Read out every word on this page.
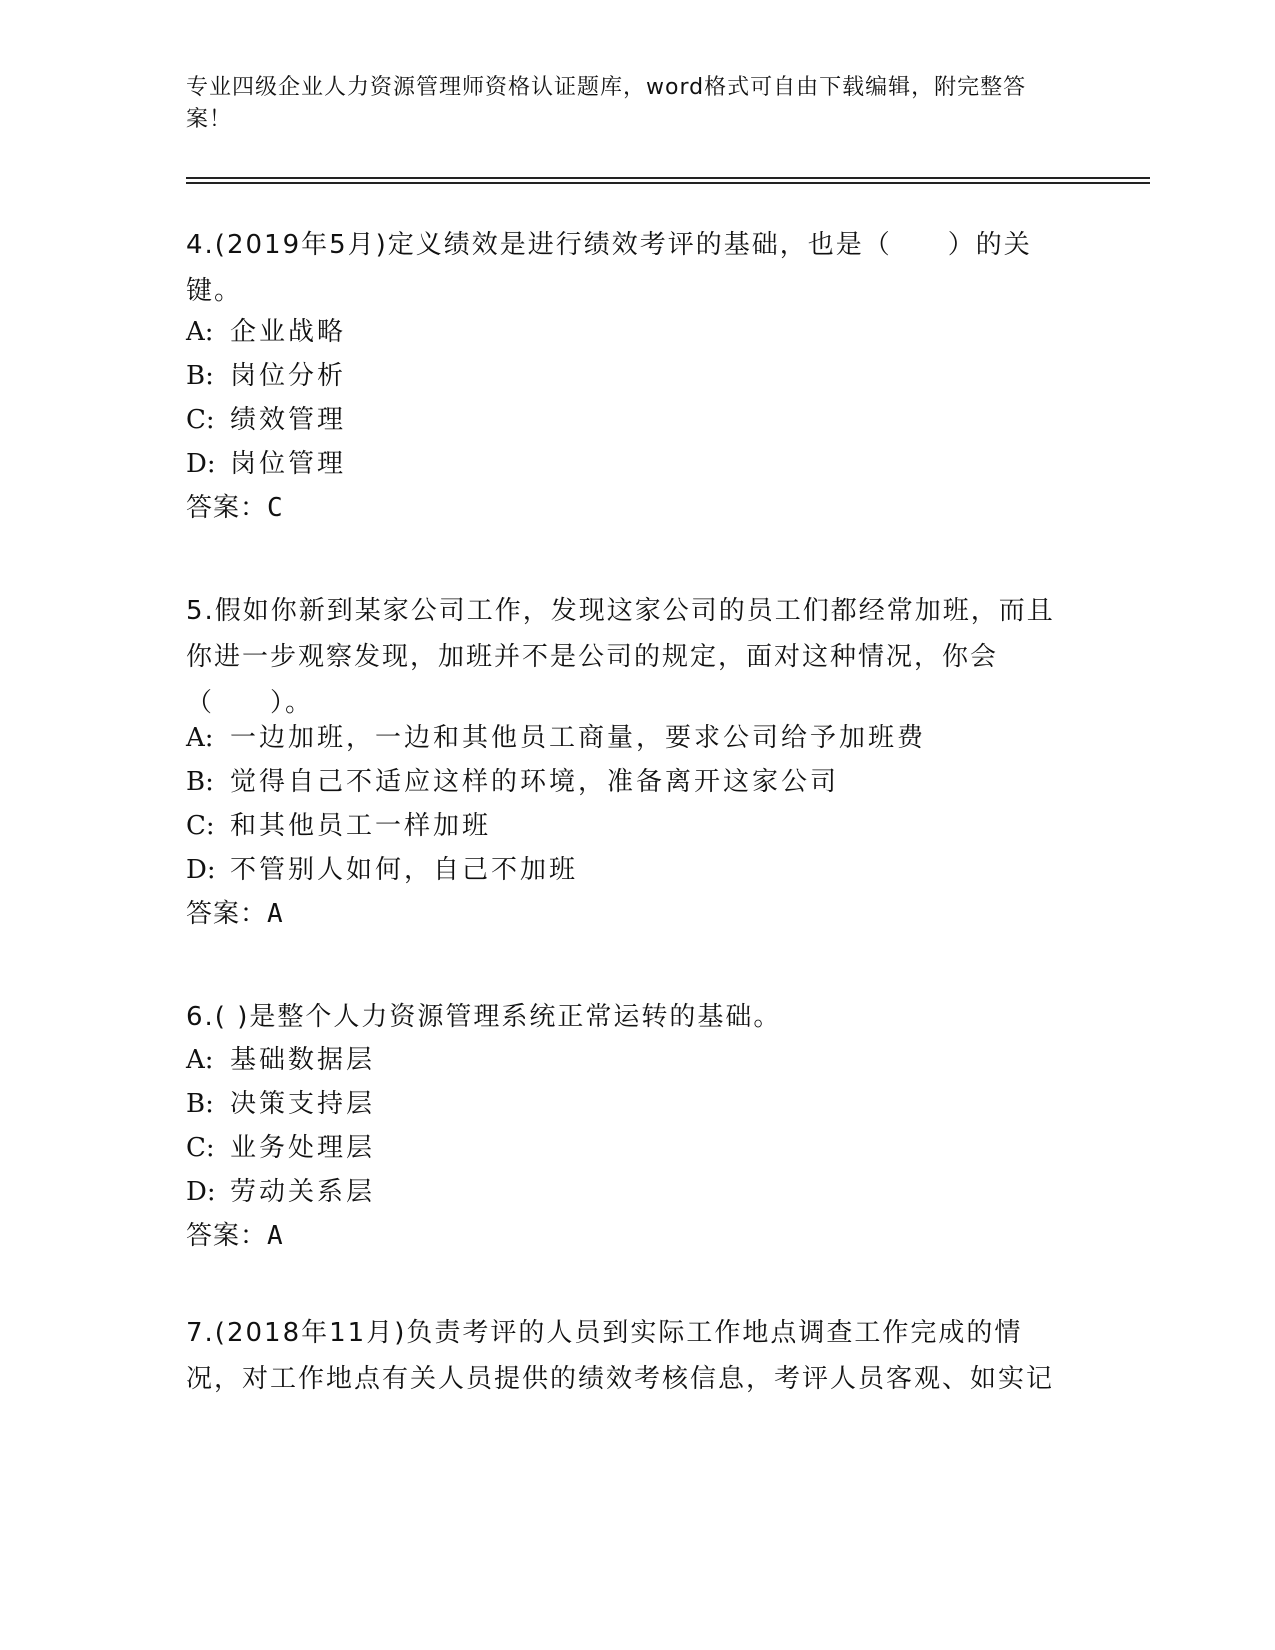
专业四级企业人力资源管理师资格认证题库，word格式可自由下载编辑，附完整答案！
4.(2019年5月)定义绩效是进行绩效考评的基础，也是（　　）的关键。
A: 企业战略
B: 岗位分析
C: 绩效管理
D: 岗位管理
答案：C
5.假如你新到某家公司工作，发现这家公司的员工们都经常加班，而且你进一步观察发现，加班并不是公司的规定，面对这种情况，你会（　　）。
A: 一边加班，一边和其他员工商量，要求公司给予加班费
B: 觉得自己不适应这样的环境，准备离开这家公司
C: 和其他员工一样加班
D: 不管别人如何，自己不加班
答案：A
6.( )是整个人力资源管理系统正常运转的基础。
A: 基础数据层
B: 决策支持层
C: 业务处理层
D: 劳动关系层
答案：A
7.(2018年11月)负责考评的人员到实际工作地点调查工作完成的情况，对工作地点有关人员提供的绩效考核信息，考评人员客观、如实记
